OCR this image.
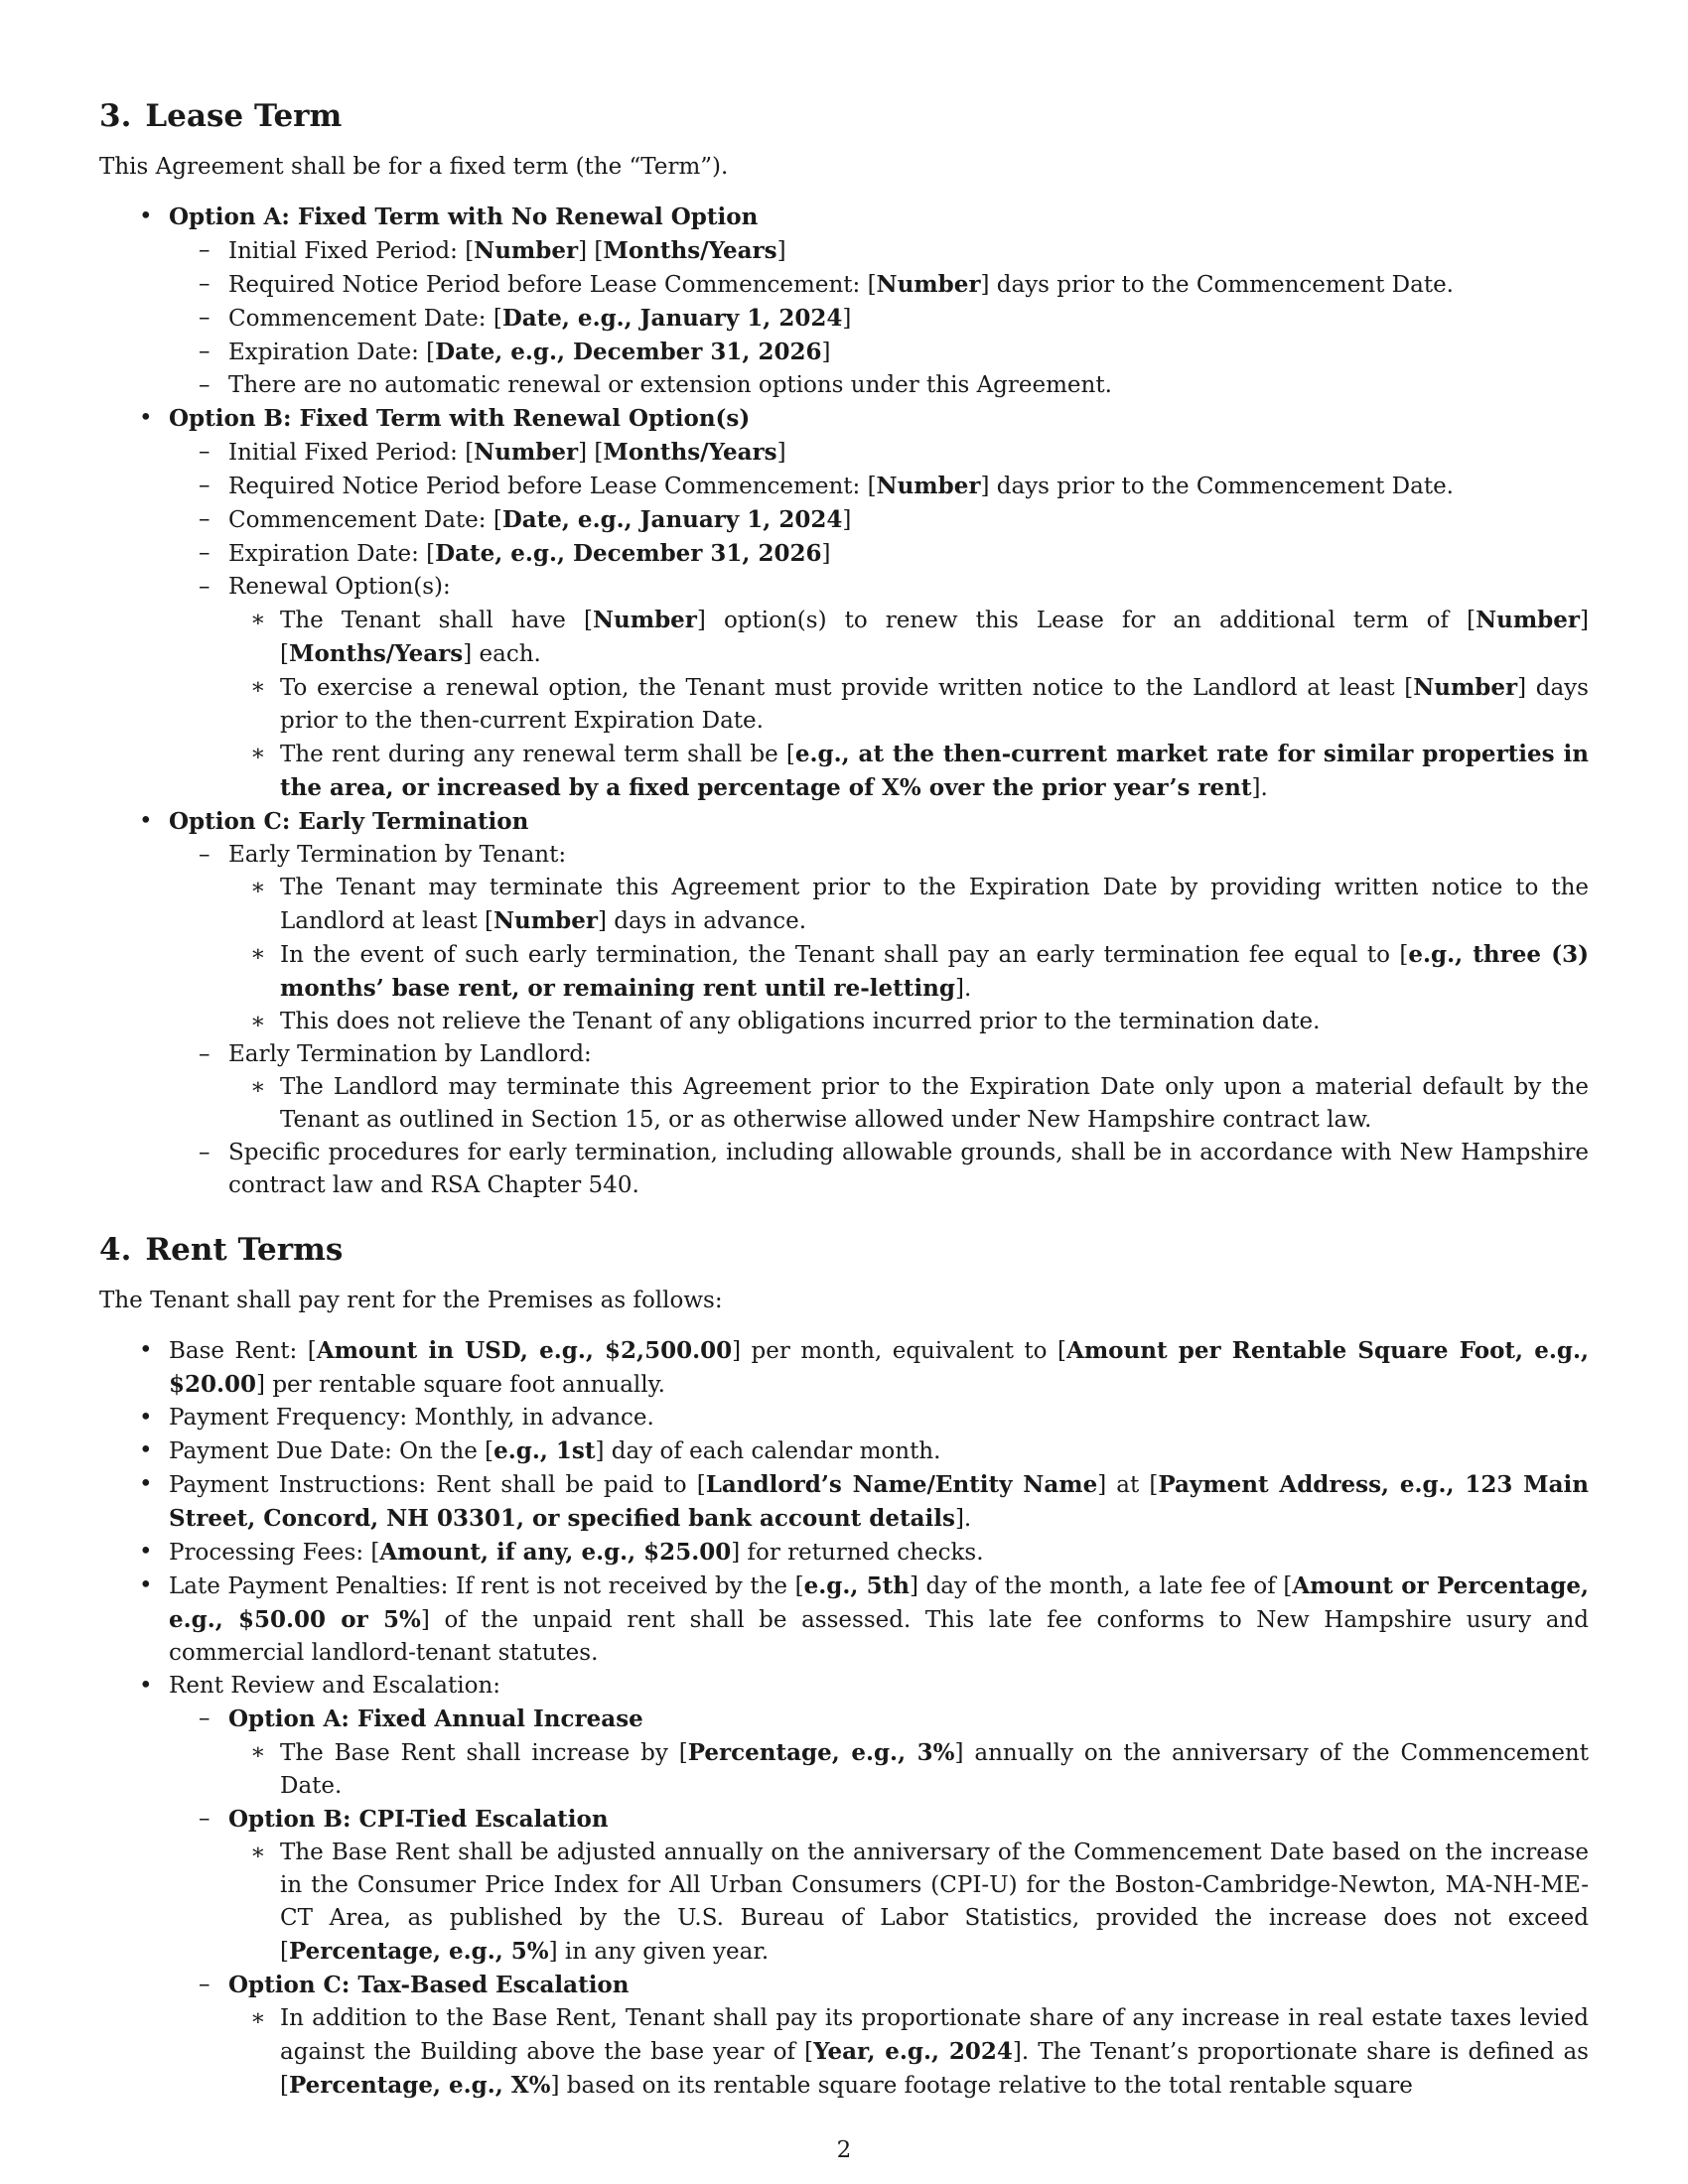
3. Lease Term

This Agreement shall be for a fixed term (the “Term”).

• Option A: Fixed Term with No Renewal Option
– Initial Fixed Period: [Number] [Months/Years]
– Required Notice Period before Lease Commencement: [Number] days prior to the Commencement Date.
– Commencement Date: [Date, e.g., January 1, 2024]
– Expiration Date: [Date, e.g., December 31, 2026]
– There are no automatic renewal or extension options under this Agreement.
• Option B: Fixed Term with Renewal Option(s)
– Initial Fixed Period: [Number] [Months/Years]
– Required Notice Period before Lease Commencement: [Number] days prior to the Commencement Date.
– Commencement Date: [Date, e.g., January 1, 2024]
– Expiration Date: [Date, e.g., December 31, 2026]
– Renewal Option(s):
∗ The Tenant shall have [Number] option(s) to renew this Lease for an additional term of [Number] [Months/Years] each.
∗ To exercise a renewal option, the Tenant must provide written notice to the Landlord at least [Number] days prior to the then-current Expiration Date.
∗ The rent during any renewal term shall be [e.g., at the then-current market rate for similar properties in the area, or increased by a fixed percentage of X% over the prior year’s rent].
• Option C: Early Termination
– Early Termination by Tenant:
∗ The Tenant may terminate this Agreement prior to the Expiration Date by providing written notice to the Landlord at least [Number] days in advance.
∗ In the event of such early termination, the Tenant shall pay an early termination fee equal to [e.g., three (3) months’ base rent, or remaining rent until re-letting].
∗ This does not relieve the Tenant of any obligations incurred prior to the termination date.
– Early Termination by Landlord:
∗ The Landlord may terminate this Agreement prior to the Expiration Date only upon a material default by the Tenant as outlined in Section 15, or as otherwise allowed under New Hampshire contract law.
– Specific procedures for early termination, including allowable grounds, shall be in accordance with New Hampshire contract law and RSA Chapter 540.
4. Rent Terms

The Tenant shall pay rent for the Premises as follows:

• Base Rent: [Amount in USD, e.g., $2,500.00] per month, equivalent to [Amount per Rentable Square Foot, e.g., $20.00] per rentable square foot annually.
• Payment Frequency: Monthly, in advance.
• Payment Due Date: On the [e.g., 1st] day of each calendar month.
• Payment Instructions: Rent shall be paid to [Landlord’s Name/Entity Name] at [Payment Address, e.g., 123 Main Street, Concord, NH 03301, or specified bank account details].
• Processing Fees: [Amount, if any, e.g., $25.00] for returned checks.
• Late Payment Penalties: If rent is not received by the [e.g., 5th] day of the month, a late fee of [Amount or Percentage, e.g., $50.00 or 5%] of the unpaid rent shall be assessed. This late fee conforms to New Hampshire usury and commercial landlord-tenant statutes.
• Rent Review and Escalation:
– Option A: Fixed Annual Increase
∗ The Base Rent shall increase by [Percentage, e.g., 3%] annually on the anniversary of the Commencement Date.
– Option B: CPI-Tied Escalation
∗ The Base Rent shall be adjusted annually on the anniversary of the Commencement Date based on the increase in the Consumer Price Index for All Urban Consumers (CPI-U) for the Boston-Cambridge-Newton, MA-NH-ME-CT Area, as published by the U.S. Bureau of Labor Statistics, provided the increase does not exceed [Percentage, e.g., 5%] in any given year.
– Option C: Tax-Based Escalation
∗ In addition to the Base Rent, Tenant shall pay its proportionate share of any increase in real estate taxes levied against the Building above the base year of [Year, e.g., 2024]. The Tenant’s proportionate share is defined as [Percentage, e.g., X%] based on its rentable square footage relative to the total rentable square
2
